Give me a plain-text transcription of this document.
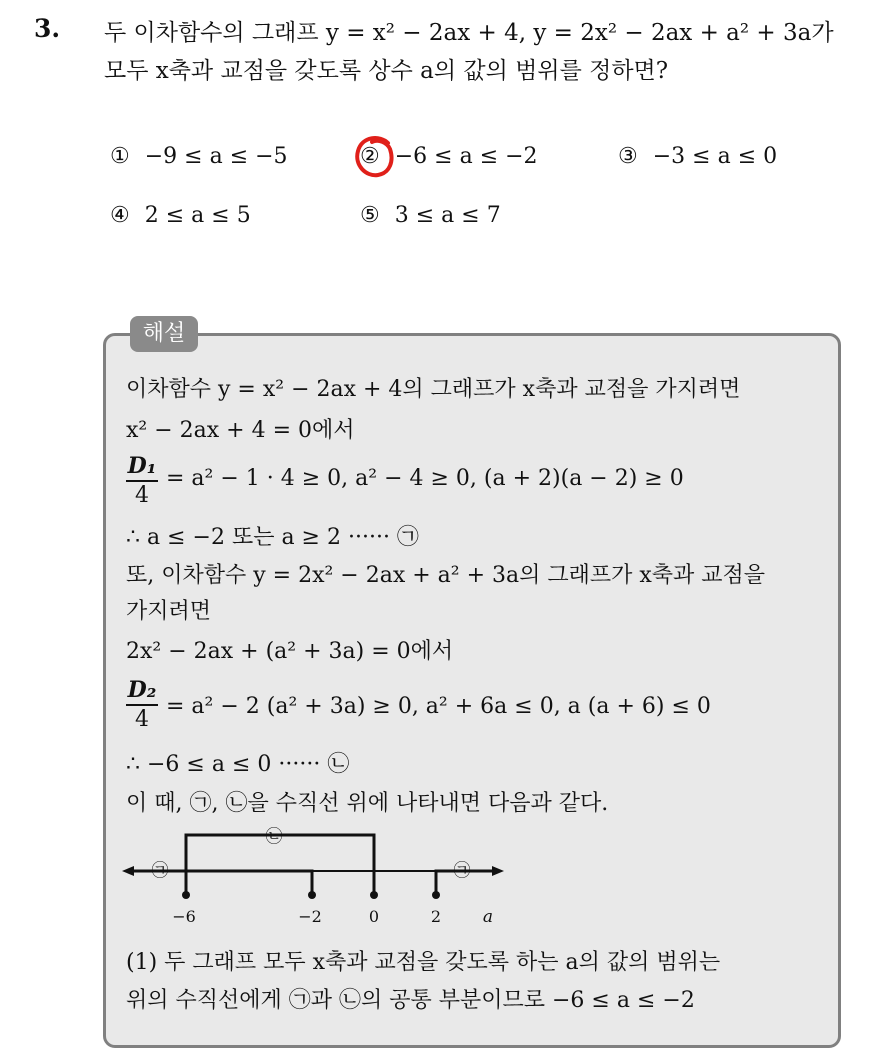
3. 두 이차함수의 그래프 y = x² − 2ax + 4, y = 2x² − 2ax + a² + 3a가
모두 x축과 교점을 갖도록 상수 a의 값의 범위를 정하면?
① −9 ≤ a ≤ −5	② −6 ≤ a ≤ −2	③ −3 ≤ a ≤ 0
④ 2 ≤ a ≤ 5	⑤ 3 ≤ a ≤ 7
해설
이차함수 y = x² − 2ax + 4의 그래프가 x축과 교점을 가지려면
x² − 2ax + 4 = 0에서
$\frac{\text{D₁}}{4} = a^2 - 1 \cdot 4 \ge 0$, a² − 4 ≥ 0, (a + 2)(a − 2) ≥ 0
∴ a ≤ −2 또는 a ≥ 2 ······ ㉠
또, 이차함수 y = 2x² − 2ax + a² + 3a의 그래프가 x축과 교점을
가지려면
2x² − 2ax + (a² + 3a) = 0에서
$\frac{\text{D₂}}{4} = a^2 - 2$ (a² + 3a) ≥ 0, a² + 6a ≤ 0, a (a + 6) ≤ 0
∴ −6 ≤ a ≤ 0 ······ ㉡
이 때, ㉠, ㉡을 수직선 위에 나타내면 다음과 같다.
㉠
㉡
㉠
−6	−2	0	2 a
(1) 두 그래프 모두 x축과 교점을 갖도록 하는 a의 값의 범위는
위의 수직선에게 ㉠과 ㉡의 공통 부분이므로 −6 ≤ a ≤ −2
